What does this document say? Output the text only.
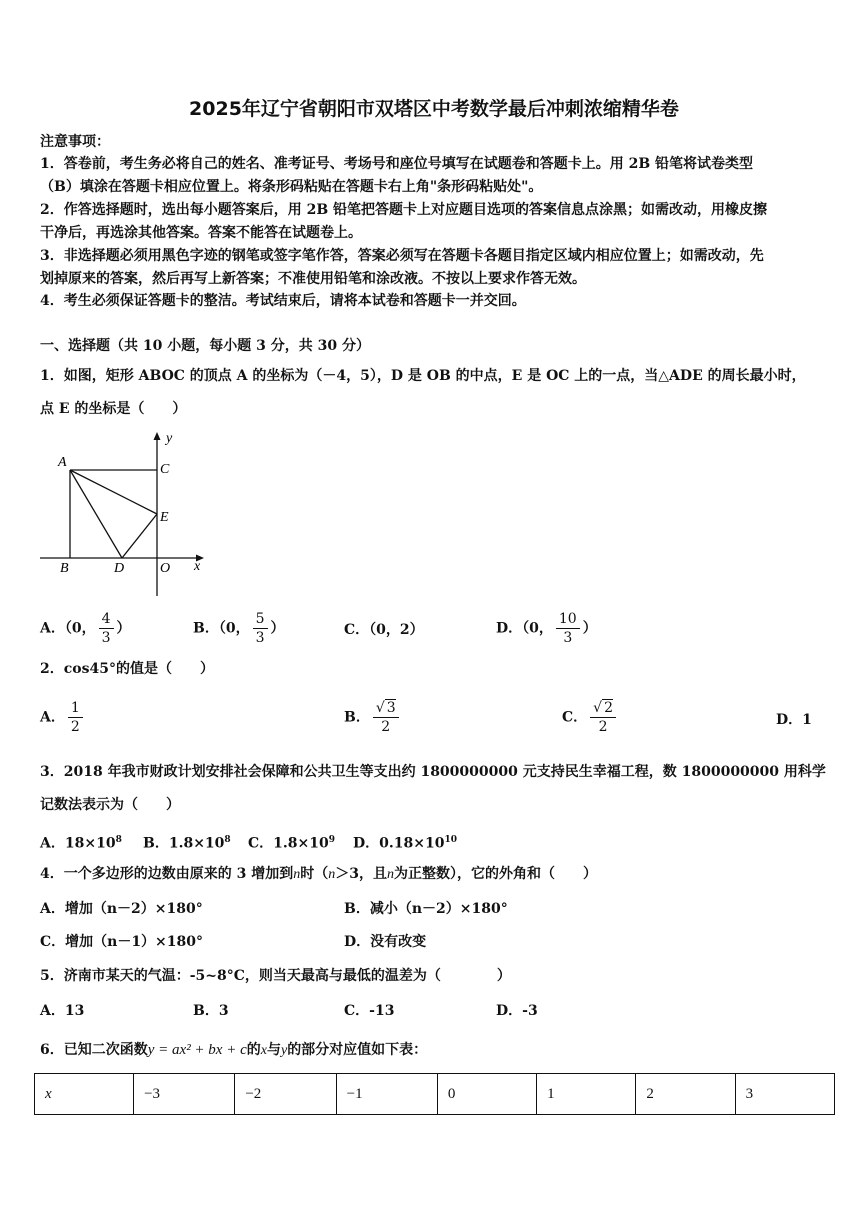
2025年辽宁省朝阳市双塔区中考数学最后冲刺浓缩精华卷
注意事项：
1．答卷前，考生务必将自己的姓名、准考证号、考场号和座位号填写在试题卷和答题卡上。用 2B 铅笔将试卷类型
（B）填涂在答题卡相应位置上。将条形码粘贴在答题卡右上角"条形码粘贴处"。
2．作答选择题时，选出每小题答案后，用 2B 铅笔把答题卡上对应题目选项的答案信息点涂黑；如需改动，用橡皮擦
干净后，再选涂其他答案。答案不能答在试题卷上。
3．非选择题必须用黑色字迹的钢笔或签字笔作答，答案必须写在答题卡各题目指定区域内相应位置上；如需改动，先
划掉原来的答案，然后再写上新答案；不准使用铅笔和涂改液。不按以上要求作答无效。
4．考生必须保证答题卡的整洁。考试结束后，请将本试卷和答题卡一并交回。
一、选择题（共 10 小题，每小题 3 分，共 30 分）
1．如图，矩形 ABOC 的顶点 A 的坐标为（－4，5），D 是 OB 的中点，E 是 OC 上的一点，当△ADE 的周长最小时，
点 E 的坐标是（　　）
y
A	C
E
B	D	O x
A．（0， $\frac{4}{3}$ ）	B．（0， $\frac{5}{3}$ ）	C．（0，2）	D．（0， $\frac{10}{3}$ ）
2．cos45°的值是（　　）
A． $\frac{1}{2}$	B． $\frac{√ 3}{2}$	C． $\frac{√ 2}{2}$	D．1
3．2018 年我市财政计划安排社会保障和公共卫生等支出约 1800000000 元支持民生幸福工程，数 1800000000 用科学
记数法表示为（　　）
A．$18\times 10^8$ B．$1.8\times 10^8$ C．$1.8\times 10^9$ D．$0.18\times 10^{10}$
4．一个多边形的边数由原来的 3 增加到n时（n＞3，且n为正整数），它的外角和（　　）
A．增加（n－2）×180°	B．减小（n－2）×180°
C．增加（n－1）×180°	D．没有改变
5．济南市某天的气温：-5~8°C，则当天最高与最低的温差为（　　　　）
A．13	B．3	C．-13	D．-3
6．已知二次函数y = ax² + bx + c的x与y的部分对应值如下表：
x	−3	−2	−1	0	1	2	3
